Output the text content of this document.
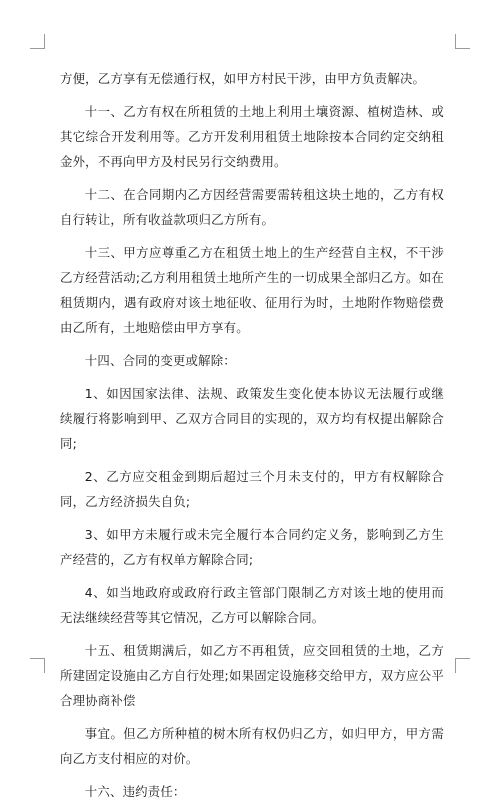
方便，乙方享有无偿通行权，如甲方村民干涉，由甲方负责解决。

十一、乙方有权在所租赁的土地上利用土壤资源、植树造林、或其它综合开发利用等。乙方开发利用租赁土地除按本合同约定交纳租金外，不再向甲方及村民另行交纳费用。

十二、在合同期内乙方因经营需要需转租这块土地的，乙方有权自行转让，所有收益款项归乙方所有。

十三、甲方应尊重乙方在租赁土地上的生产经营自主权，不干涉乙方经营活动;乙方利用租赁土地所产生的一切成果全部归乙方。如在租赁期内，遇有政府对该土地征收、征用行为时，土地附作物赔偿费由乙所有，土地赔偿由甲方享有。

十四、合同的变更或解除：

1、如因国家法律、法规、政策发生变化使本协议无法履行或继续履行将影响到甲、乙双方合同目的实现的，双方均有权提出解除合同;

2、乙方应交租金到期后超过三个月未支付的，甲方有权解除合同，乙方经济损失自负;

3、如甲方未履行或未完全履行本合同约定义务，影响到乙方生产经营的，乙方有权单方解除合同;

4、如当地政府或政府行政主管部门限制乙方对该土地的使用而无法继续经营等其它情况，乙方可以解除合同。

十五、租赁期满后，如乙方不再租赁，应交回租赁的土地，乙方所建固定设施由乙方自行处理;如果固定设施移交给甲方，双方应公平合理协商补偿

事宜。但乙方所种植的树木所有权仍归乙方，如归甲方，甲方需向乙方支付相应的对价。

十六、违约责任：
